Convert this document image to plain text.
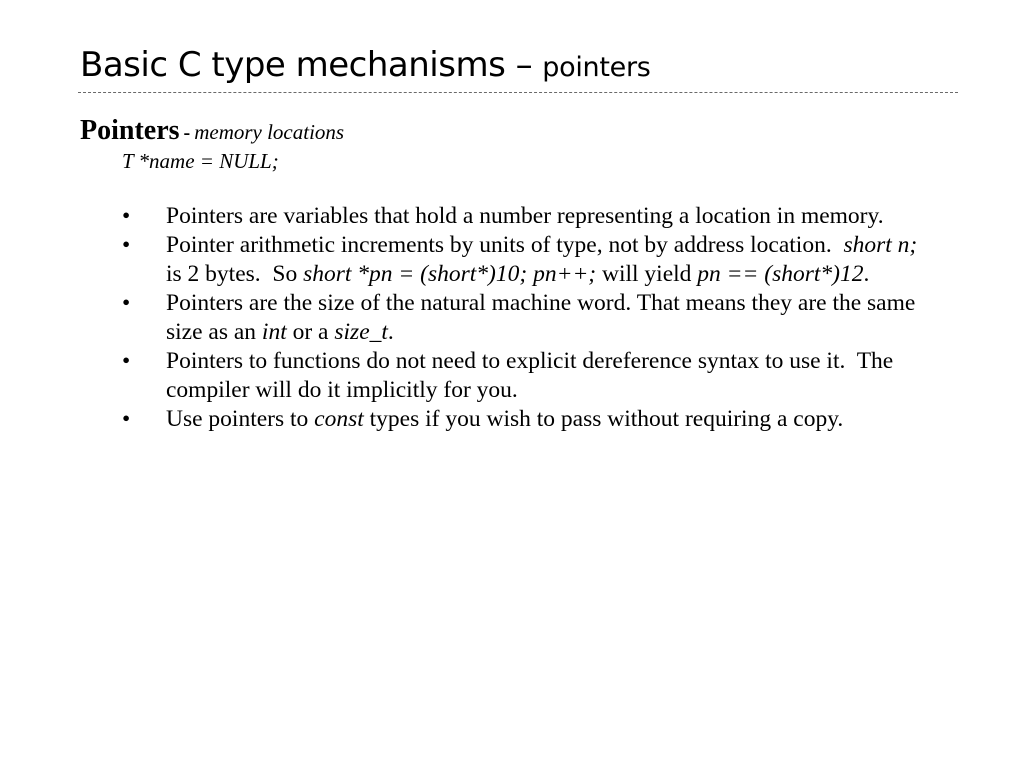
Basic C type mechanisms – pointers
Pointers - memory locations
T *name = NULL;
• Pointers are variables that hold a number representing a location in memory.
• Pointer arithmetic increments by units of type, not by address location.  short n;  is 2 bytes.  So short *pn = (short*)10; pn++; will yield pn == (short*)12.
• Pointers are the size of the natural machine word. That means they are the same size as an int or a size_t.
• Pointers to functions do not need to explicit dereference syntax to use it.  The compiler will do it implicitly for you.
• Use pointers to const types if you wish to pass without requiring a copy.
